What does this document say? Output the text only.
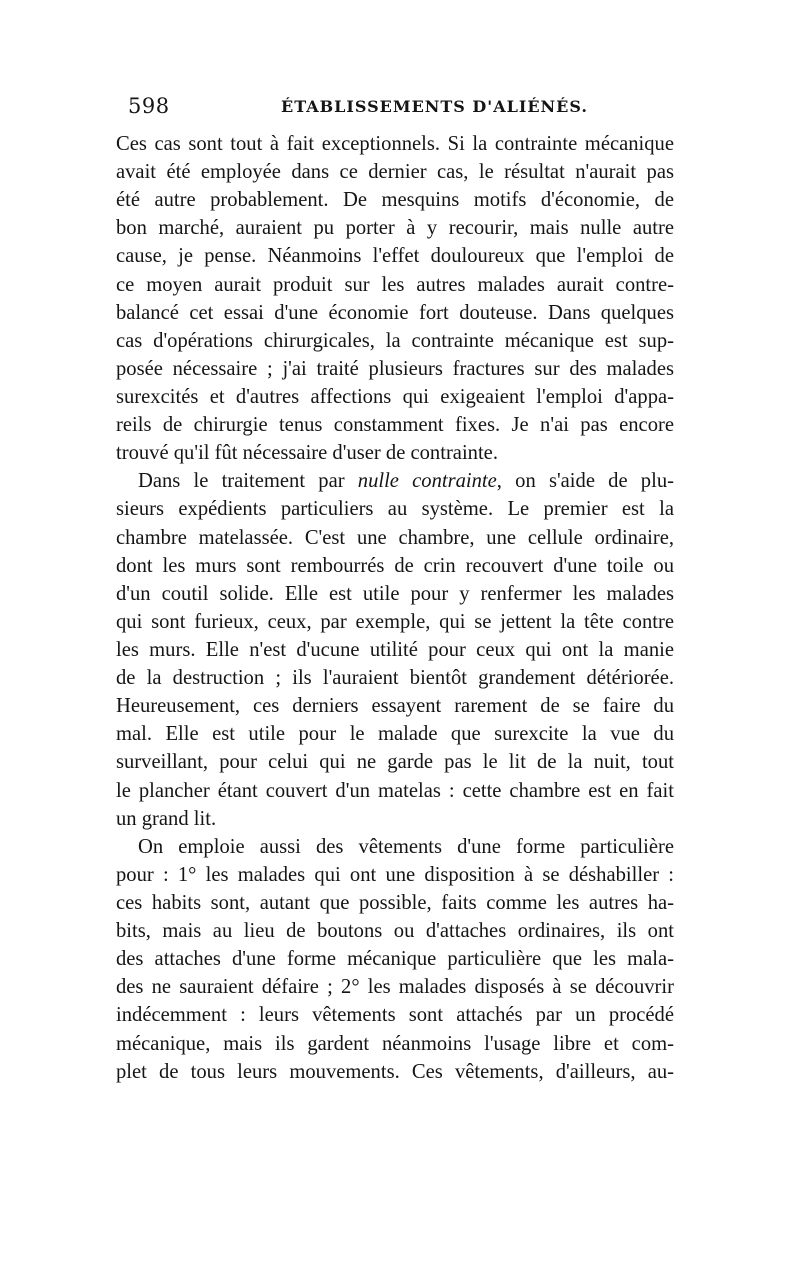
598	ÉTABLISSEMENTS D'ALIÉNÉS.
Ces cas sont tout à fait exceptionnels. Si la contrainte mécanique
avait été employée dans ce dernier cas, le résultat n'aurait pas
été autre probablement. De mesquins motifs d'économie, de
bon marché, auraient pu porter à y recourir, mais nulle autre
cause, je pense. Néanmoins l'effet douloureux que l'emploi de
ce moyen aurait produit sur les autres malades aurait contre-
balancé cet essai d'une économie fort douteuse. Dans quelques
cas d'opérations chirurgicales, la contrainte mécanique est sup-
posée nécessaire ; j'ai traité plusieurs fractures sur des malades
surexcités et d'autres affections qui exigeaient l'emploi d'appa-
reils de chirurgie tenus constamment fixes. Je n'ai pas encore
trouvé qu'il fût nécessaire d'user de contrainte.
Dans le traitement par nulle contrainte, on s'aide de plu-
sieurs expédients particuliers au système. Le premier est la
chambre matelassée. C'est une chambre, une cellule ordinaire,
dont les murs sont rembourrés de crin recouvert d'une toile ou
d'un coutil solide. Elle est utile pour y renfermer les malades
qui sont furieux, ceux, par exemple, qui se jettent la tête contre
les murs. Elle n'est d'ucune utilité pour ceux qui ont la manie
de la destruction ; ils l'auraient bientôt grandement détériorée.
Heureusement, ces derniers essayent rarement de se faire du
mal. Elle est utile pour le malade que surexcite la vue du
surveillant, pour celui qui ne garde pas le lit de la nuit, tout
le plancher étant couvert d'un matelas : cette chambre est en fait
un grand lit.
On emploie aussi des vêtements d'une forme particulière
pour : 1° les malades qui ont une disposition à se déshabiller :
ces habits sont, autant que possible, faits comme les autres ha-
bits, mais au lieu de boutons ou d'attaches ordinaires, ils ont
des attaches d'une forme mécanique particulière que les mala-
des ne sauraient défaire ; 2° les malades disposés à se découvrir
indécemment : leurs vêtements sont attachés par un procédé
mécanique, mais ils gardent néanmoins l'usage libre et com-
plet de tous leurs mouvements. Ces vêtements, d'ailleurs, au-
